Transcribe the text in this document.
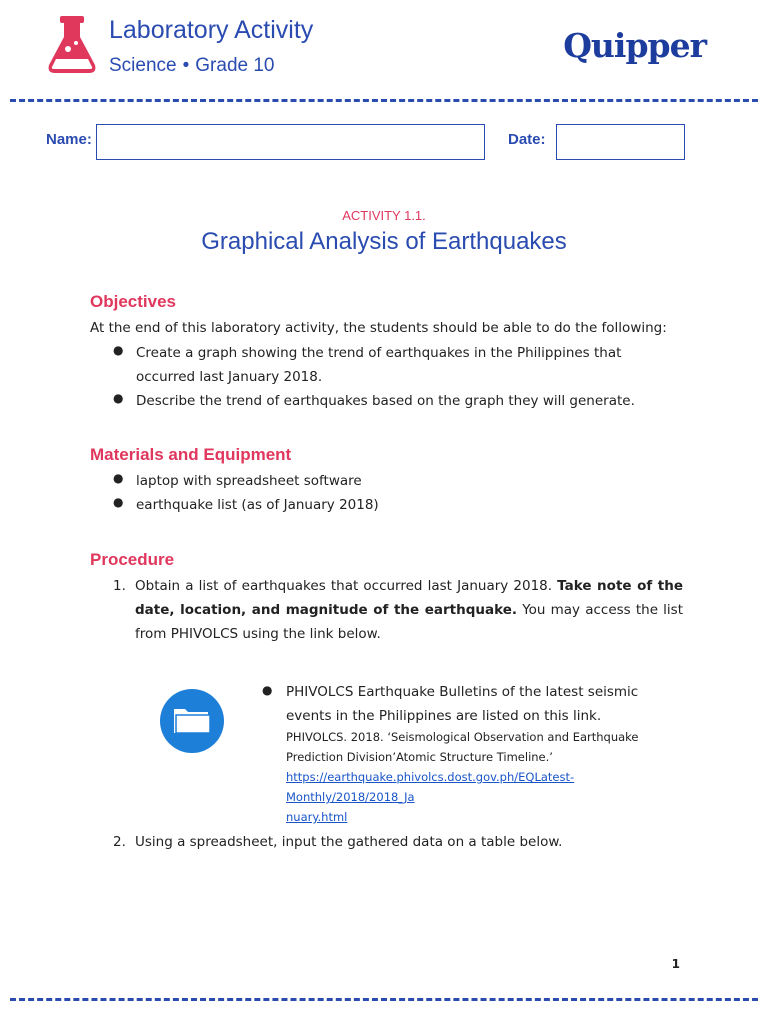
Laboratory Activity
Science • Grade 10
Quipper
Name:	Date:
ACTIVITY 1.1.
Graphical Analysis of Earthquakes
Objectives
At the end of this laboratory activity, the students should be able to do the following:
● Create a graph showing the trend of earthquakes in the Philippines that occurred last January 2018.
● Describe the trend of earthquakes based on the graph they will generate.
Materials and Equipment
● laptop with spreadsheet software
● earthquake list (as of January 2018)
Procedure
1. Obtain a list of earthquakes that occurred last January 2018. Take note of the date, location, and magnitude of the earthquake. You may access the list from PHIVOLCS using the link below.
● PHIVOLCS Earthquake Bulletins of the latest seismic events in the Philippines are listed on this link.
PHIVOLCS. 2018. ‘Seismological Observation and Earthquake Prediction Division’Atomic Structure Timeline.’
https://earthquake.phivolcs.dost.gov.ph/EQLatest-Monthly/2018/2018_Ja
nuary.html
2. Using a spreadsheet, input the gathered data on a table below.
1
